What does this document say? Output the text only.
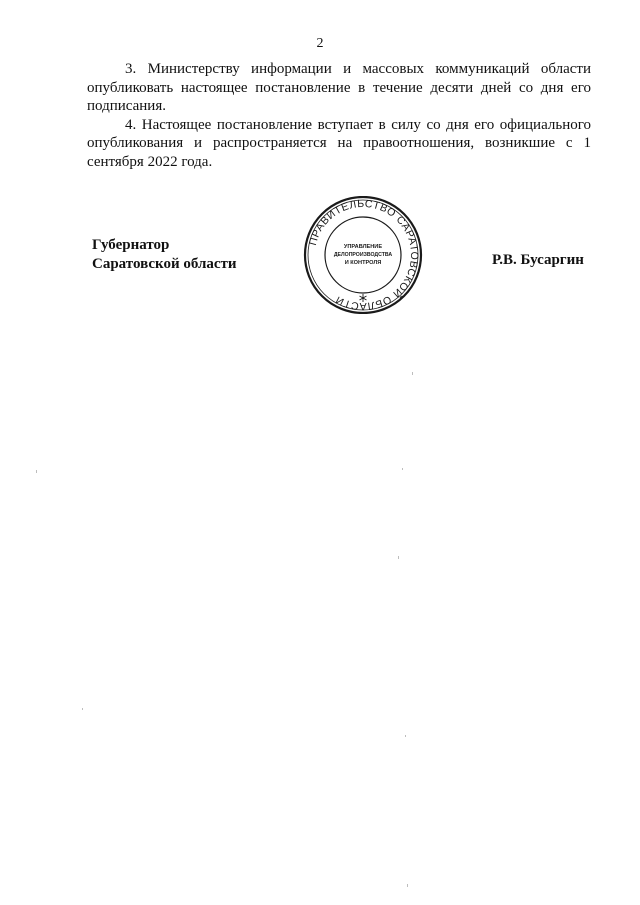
2

3. Министерству информации и массовых коммуникаций области опубликовать настоящее постановление в течение десяти дней со дня его подписания.

4. Настоящее постановление вступает в силу со дня его официального опубликования и распространяется на правоотношения, возникшие с 1 сентября 2022 года.

Губернатор
Саратовской области
ПРАВИТЕЛЬСТВО САРАТОВСКОЙ ОБЛАСТИ
УПРАВЛЕНИЕ
ДЕЛОПРОИЗВОДСТВА
И КОНТРОЛЯ	Р.В. Бусаргин
